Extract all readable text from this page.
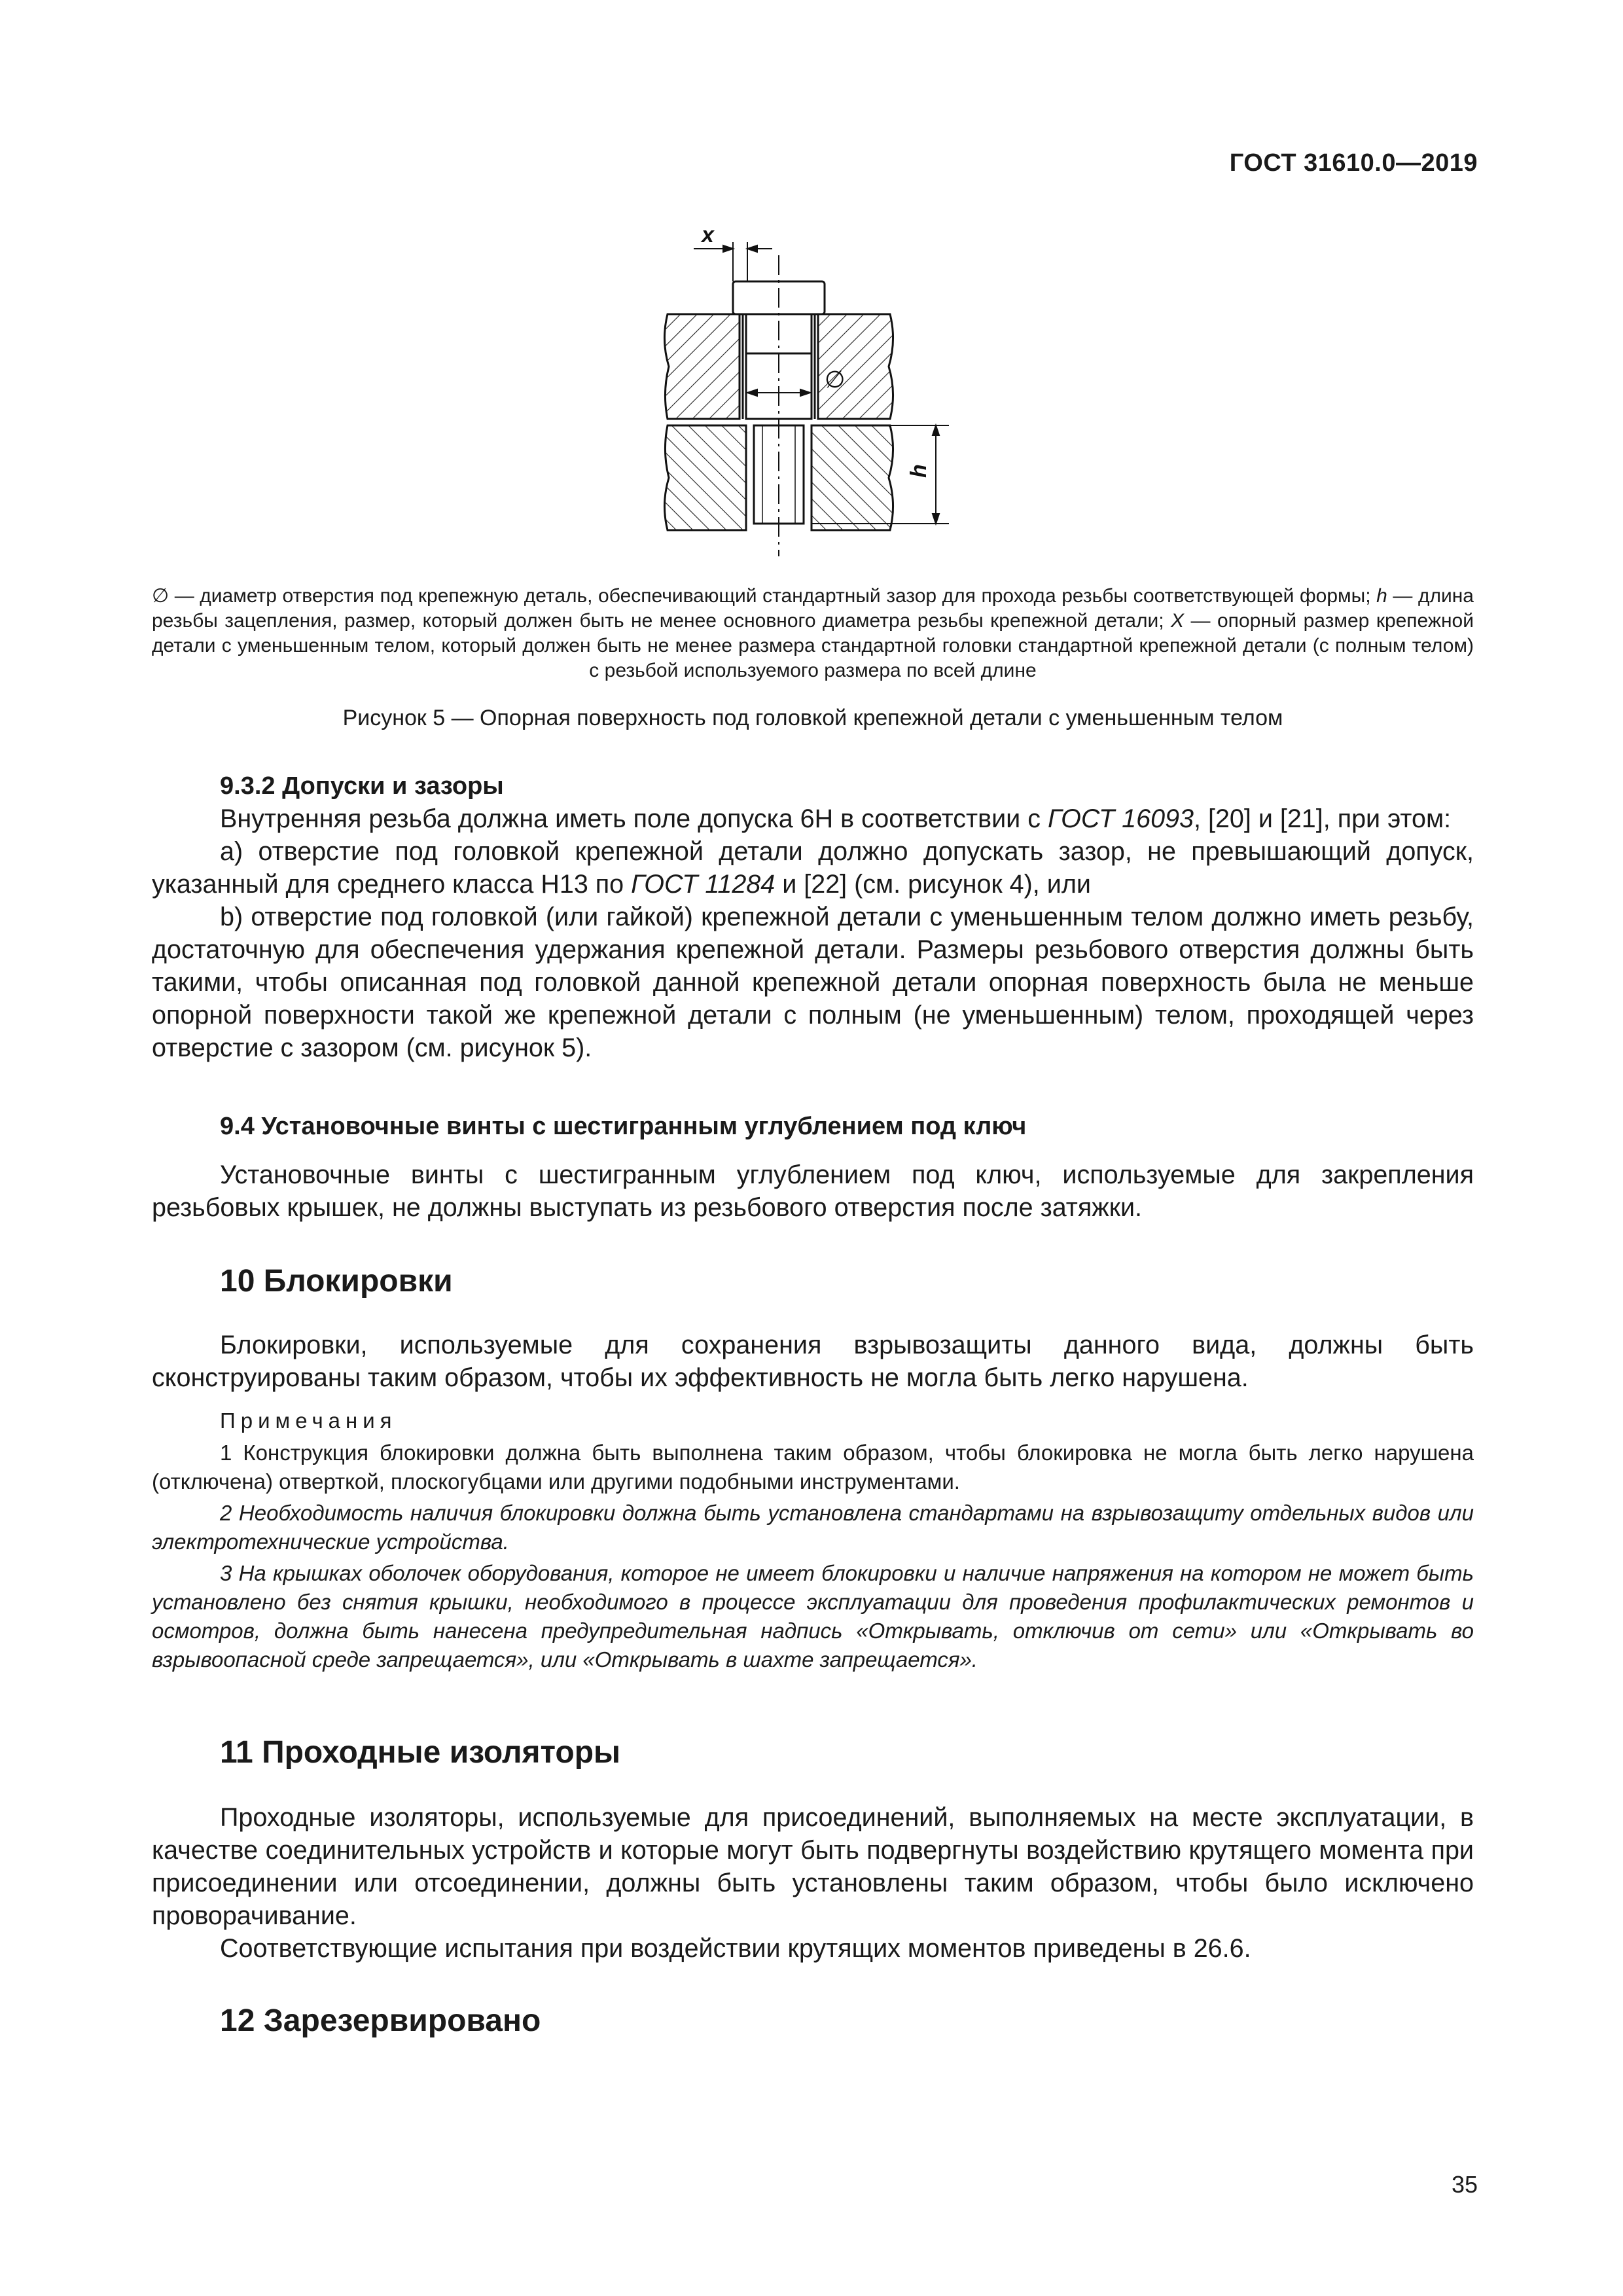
ГОСТ 31610.0—2019
x
∅
h
∅ — диаметр отверстия под крепежную деталь, обеспечивающий стандартный зазор для прохода резьбы соответствующей формы; h — длина резьбы зацепления, размер, который должен быть не менее основного диаметра резьбы крепежной детали; X — опорный размер крепежной детали с уменьшенным телом, который должен быть не менее размера стандартной головки стандартной крепежной детали (с полным телом) с резьбой используемого размера по всей длине
Рисунок 5 — Опорная поверхность под головкой крепежной детали с уменьшенным телом
9.3.2 Допуски и зазоры

Внутренняя резьба должна иметь поле допуска 6H в соответствии с ГОСТ 16093, [20] и [21], при этом:

a) отверстие под головкой крепежной детали должно допускать зазор, не превышающий допуск, указанный для среднего класса H13 по ГОСТ 11284 и [22] (см. рисунок 4), или

b) отверстие под головкой (или гайкой) крепежной детали с уменьшенным телом должно иметь резьбу, достаточную для обеспечения удержания крепежной детали. Размеры резьбового отверстия должны быть такими, чтобы описанная под головкой данной крепежной детали опорная поверхность была не меньше опорной поверхности такой же крепежной детали с полным (не уменьшенным) телом, проходящей через отверстие с зазором (см. рисунок 5).

9.4 Установочные винты с шестигранным углублением под ключ
Установочные винты с шестигранным углублением под ключ, используемые для закрепления резьбовых крышек, не должны выступать из резьбового отверстия после затяжки.
10 Блокировки
Блокировки, используемые для сохранения взрывозащиты данного вида, должны быть сконструированы таким образом, чтобы их эффективность не могла быть легко нарушена.
Примечания
1 Конструкция блокировки должна быть выполнена таким образом, чтобы блокировка не могла быть легко нарушена (отключена) отверткой, плоскогубцами или другими подобными инструментами.
2 Необходимость наличия блокировки должна быть установлена стандартами на взрывозащиту отдельных видов или электротехнические устройства.
3 На крышках оболочек оборудования, которое не имеет блокировки и наличие напряжения на котором не может быть установлено без снятия крышки, необходимого в процессе эксплуатации для проведения профилактических ремонтов и осмотров, должна быть нанесена предупредительная надпись «Открывать, отключив от сети» или «Открывать во взрывоопасной среде запрещается», или «Открывать в шахте запрещается».
11 Проходные изоляторы

Проходные изоляторы, используемые для присоединений, выполняемых на месте эксплуатации, в качестве соединительных устройств и которые могут быть подвергнуты воздействию крутящего момента при присоединении или отсоединении, должны быть установлены таким образом, чтобы было исключено проворачивание.

Соответствующие испытания при воздействии крутящих моментов приведены в 26.6.

12 Зарезервировано
35
